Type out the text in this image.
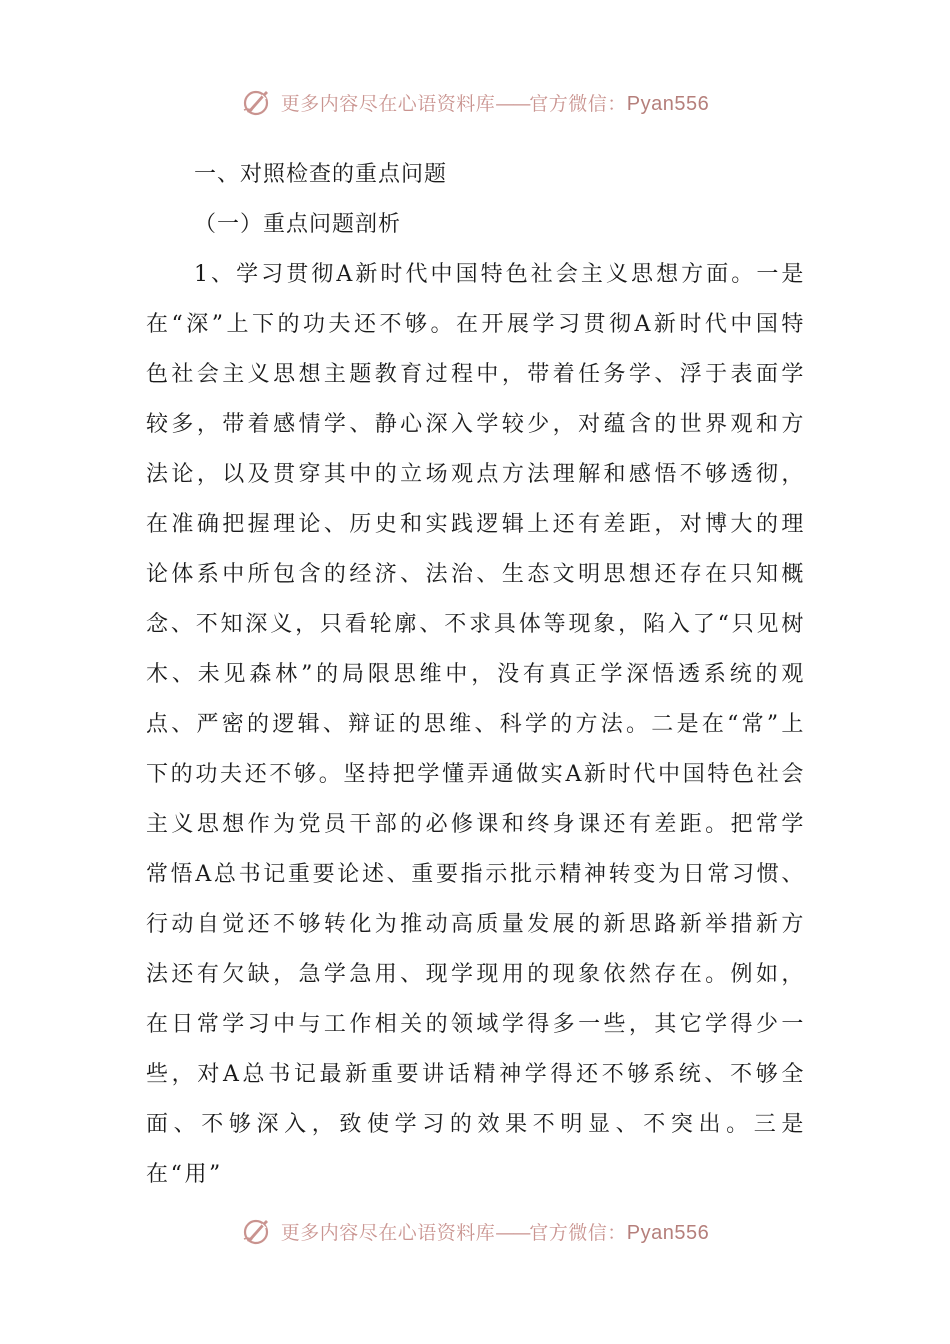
更多内容尽在心语资料库——官方微信：Pyan556
一、对照检查的重点问题
（一）重点问题剖析

1、学习贯彻A新时代中国特色社会主义思想方面。一是在“深”上下的功夫还不够。在开展学习贯彻A新时代中国特色社会主义思想主题教育过程中，带着任务学、浮于表面学较多，带着感情学、静心深入学较少，对蕴含的世界观和方法论，以及贯穿其中的立场观点方法理解和感悟不够透彻，在准确把握理论、历史和实践逻辑上还有差距，对博大的理论体系中所包含的经济、法治、生态文明思想还存在只知概念、不知深义，只看轮廓、不求具体等现象，陷入了“只见树木、未见森林”的局限思维中，没有真正学深悟透系统的观点、严密的逻辑、辩证的思维、科学的方法。二是在“常”上下的功夫还不够。坚持把学懂弄通做实A新时代中国特色社会主义思想作为党员干部的必修课和终身课还有差距。把常学常悟A总书记重要论述、重要指示批示精神转变为日常习惯、行动自觉还不够转化为推动高质量发展的新思路新举措新方法还有欠缺，急学急用、现学现用的现象依然存在。例如，在日常学习中与工作相关的领域学得多一些，其它学得少一些，对A总书记最新重要讲话精神学得还不够系统、不够全面、不够深入，致使学习的效果不明显、不突出。三是在“用”

更多内容尽在心语资料库——官方微信：Pyan556
